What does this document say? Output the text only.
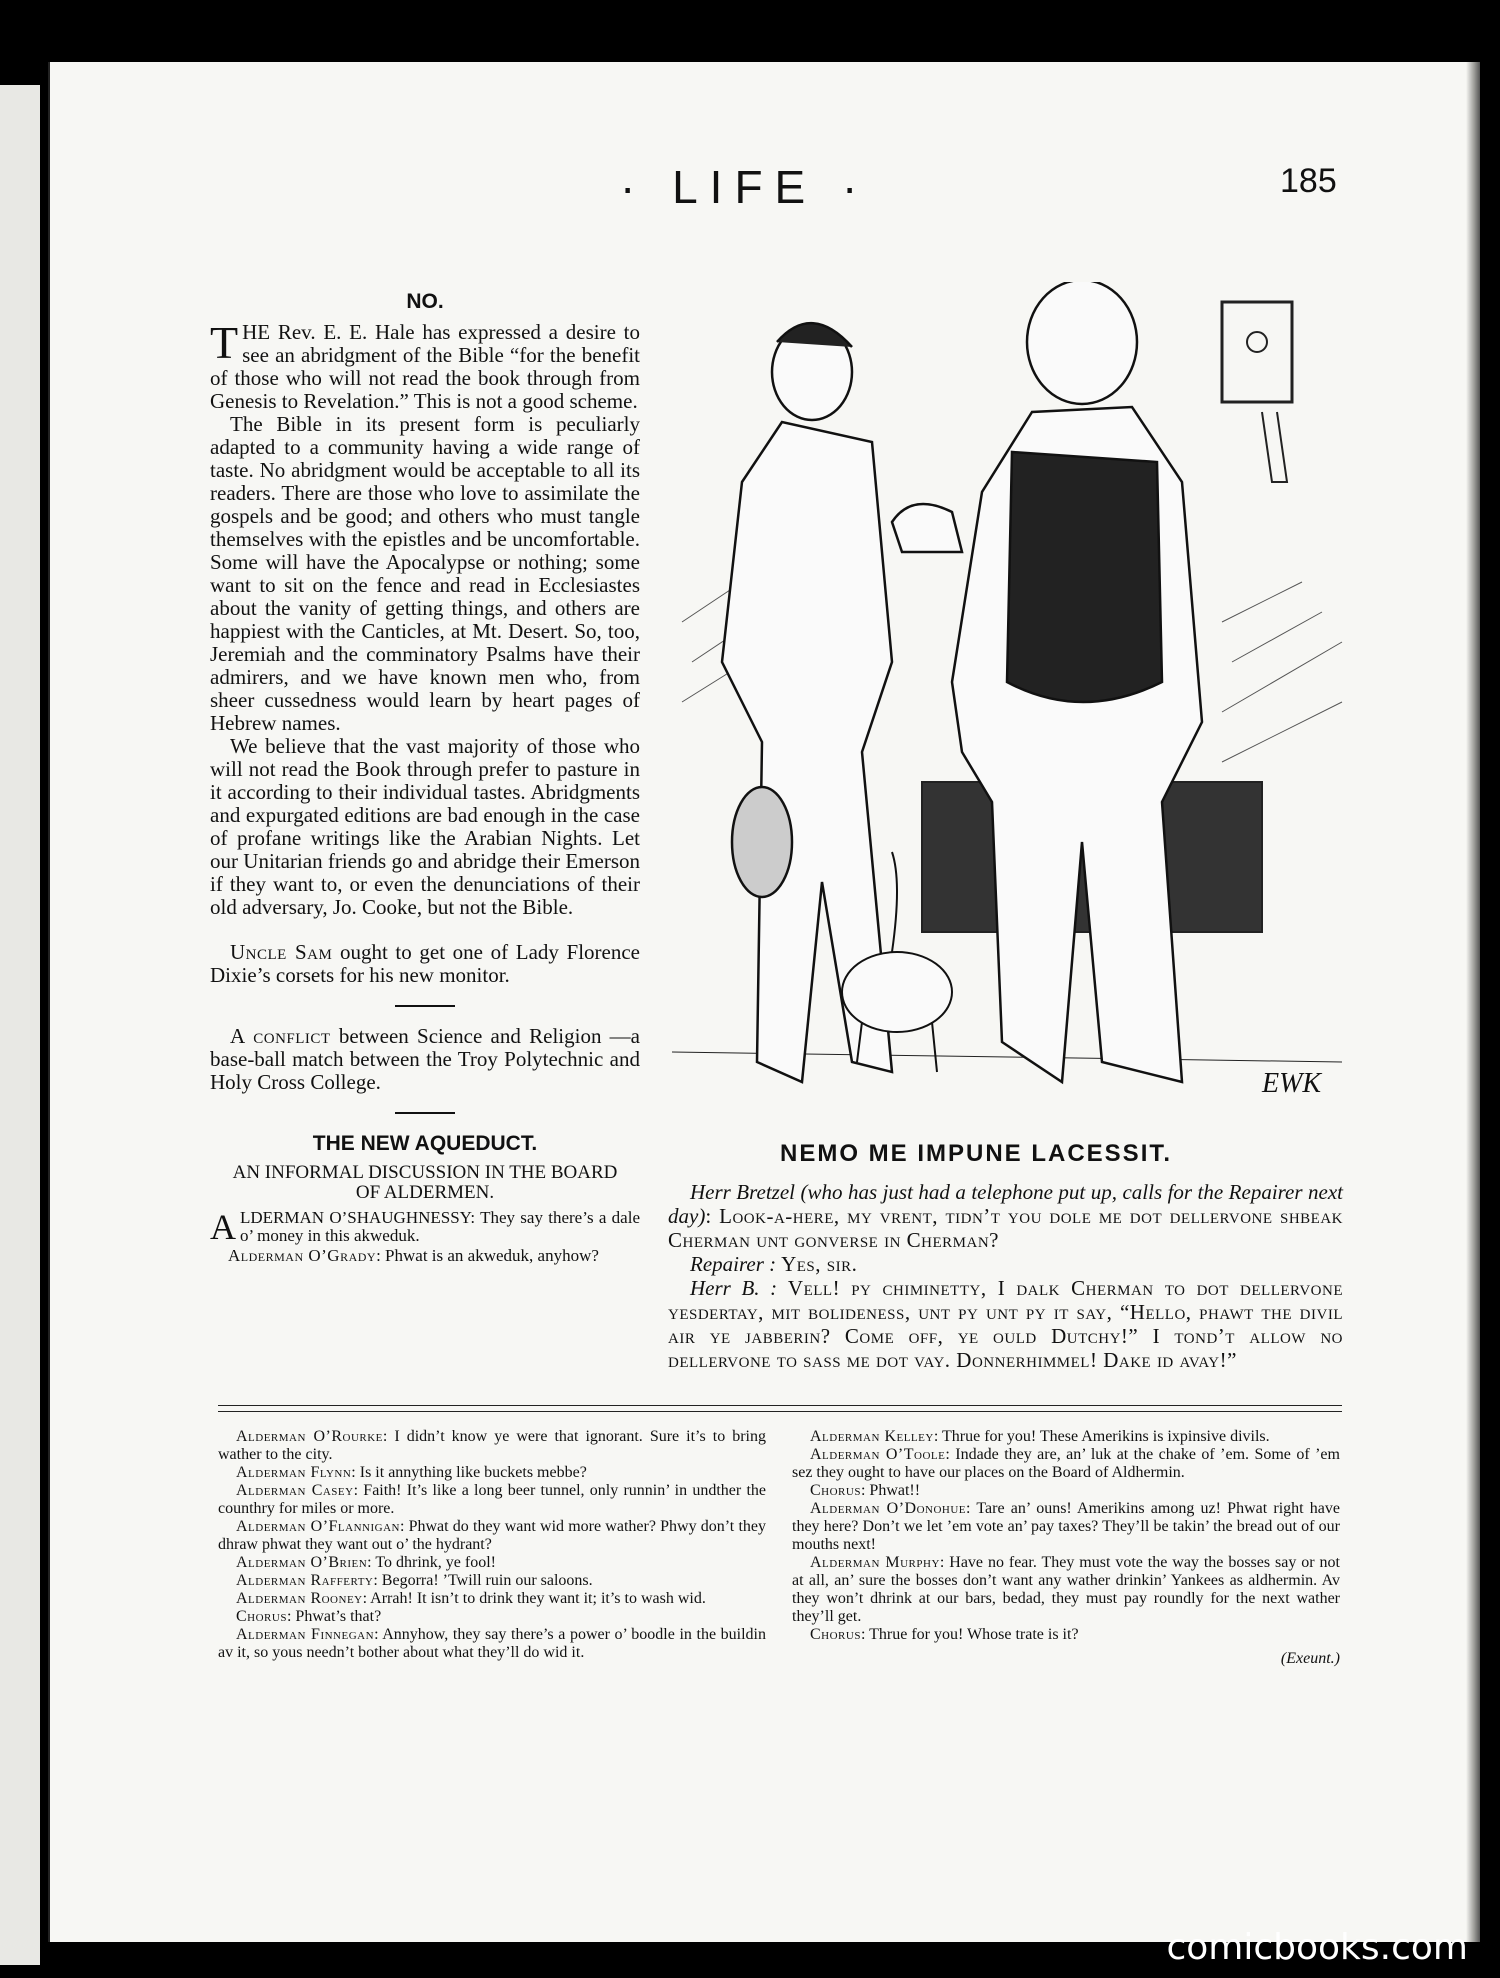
· LIFE ·	185
NO.

THE Rev. E. E. Hale has expressed a desire to see an abridgment of the Bible “for the benefit of those who will not read the book through from Genesis to Revelation.” This is not a good scheme.

The Bible in its present form is peculiarly adapted to a community having a wide range of taste. No abridgment would be acceptable to all its readers. There are those who love to assimilate the gospels and be good; and others who must tangle themselves with the epistles and be uncomfortable. Some will have the Apocalypse or nothing; some want to sit on the fence and read in Ecclesiastes about the vanity of getting things, and others are happiest with the Canticles, at Mt. Desert. So, too, Jeremiah and the comminatory Psalms have their admirers, and we have known men who, from sheer cussedness would learn by heart pages of Hebrew names.

We believe that the vast majority of those who will not read the Book through prefer to pasture in it according to their individual tastes. Abridgments and expurgated editions are bad enough in the case of profane writings like the Arabian Nights. Let our Unitarian friends go and abridge their Emerson if they want to, or even the denunciations of their old adversary, Jo. Cooke, but not the Bible.

Uncle Sam ought to get one of Lady Florence Dixie’s corsets for his new monitor.

A conflict between Science and Religion —a base-ball match between the Troy Polytechnic and Holy Cross College.

THE NEW AQUEDUCT.
AN INFORMAL DISCUSSION IN THE BOARD OF ALDERMEN.
ALDERMAN O’SHAUGHNESSY: They say there’s a dale o’ money in this akweduk.
Alderman O’Grady: Phwat is an akweduk, anyhow?
EWK
NEMO ME IMPUNE LACESSIT.

Herr Bretzel (who has just had a telephone put up, calls for the Repairer next day): Look-a-here, my vrent, tidn’t you dole me dot dellervone shbeak Cherman unt gonverse in Cherman?

Repairer : Yes, sir.

Herr B. : Vell! py chiminetty, I dalk Cherman to dot dellervone yesdertay, mit bolideness, unt py unt py it say, “Hello, phawt the divil air ye jabberin? Come off, ye ould Dutchy!” I tond’t allow no dellervone to sass me dot vay. Donnerhimmel! Dake id avay!”

Alderman O’Rourke: I didn’t know ye were that ignorant. Sure it’s to bring wather to the city.

Alderman Flynn: Is it annything like buckets mebbe?

Alderman Casey: Faith! It’s like a long beer tunnel, only runnin’ in undther the counthry for miles or more.

Alderman O’Flannigan: Phwat do they want wid more wather? Phwy don’t they dhraw phwat they want out o’ the hydrant?

Alderman O’Brien: To dhrink, ye fool!

Alderman Rafferty: Begorra! ’Twill ruin our saloons.

Alderman Rooney: Arrah! It isn’t to drink they want it; it’s to wash wid.

Chorus: Phwat’s that?

Alderman Finnegan: Annyhow, they say there’s a power o’ boodle in the buildin av it, so yous needn’t bother about what they’ll do wid it.

Alderman Kelley: Thrue for you! These Amerikins is ixpinsive divils.

Alderman O’Toole: Indade they are, an’ luk at the chake of ’em. Some of ’em sez they ought to have our places on the Board of Aldhermin.

Chorus: Phwat!!

Alderman O’Donohue: Tare an’ ouns! Amerikins among uz! Phwat right have they here? Don’t we let ’em vote an’ pay taxes? They’ll be takin’ the bread out of our mouths next!

Alderman Murphy: Have no fear. They must vote the way the bosses say or not at all, an’ sure the bosses don’t want any wather drinkin’ Yankees as aldhermin. Av they won’t dhrink at our bars, bedad, they must pay roundly for the next wather they’ll get.

Chorus: Thrue for you! Whose trate is it?

(Exeunt.)
comicbooks.com
